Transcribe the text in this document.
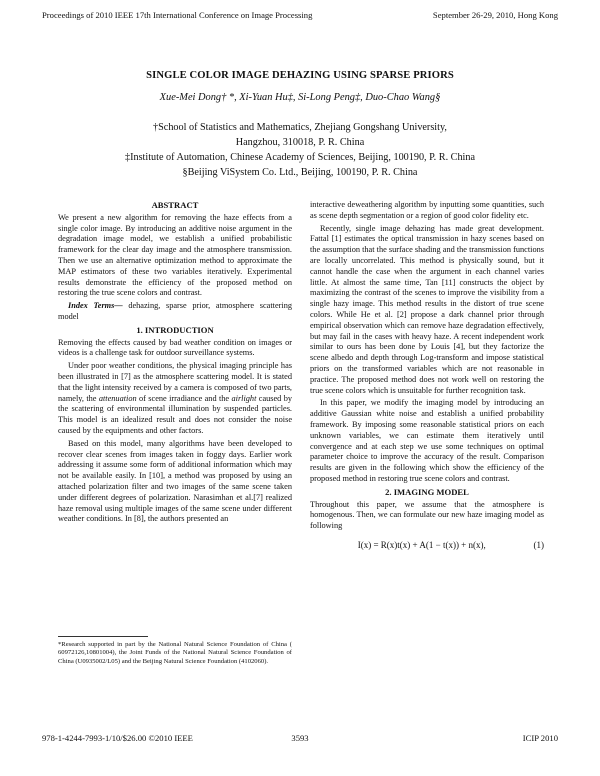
Proceedings of 2010 IEEE 17th International Conference on Image Processing	September 26-29, 2010, Hong Kong
SINGLE COLOR IMAGE DEHAZING USING SPARSE PRIORS
Xue-Mei Dong† *, Xi-Yuan Hu‡, Si-Long Peng‡, Duo-Chao Wang§
†School of Statistics and Mathematics, Zhejiang Gongshang University,
Hangzhou, 310018, P. R. China
‡Institute of Automation, Chinese Academy of Sciences, Beijing, 100190, P. R. China
§Beijing ViSystem Co. Ltd., Beijing, 100190, P. R. China

ABSTRACT

We present a new algorithm for removing the haze effects from a single color image. By introducing an additive noise argument in the degradation image model, we establish a unified probabilistic framework for the clear day image and the atmosphere transmission. Then we use an alternative optimization method to approximate the MAP estimators of these two variables iteratively. Experimental results demonstrate the efficiency of the proposed method on restoring the true scene colors and contrast.

Index Terms— dehazing, sparse prior, atmosphere scattering model

1. INTRODUCTION

Removing the effects caused by bad weather condition on images or videos is a challenge task for outdoor surveillance systems.

Under poor weather conditions, the physical imaging principle has been illustrated in [7] as the atmosphere scattering model. It is stated that the light intensity received by a camera is composed of two parts, namely, the attenuation of scene irradiance and the airlight caused by the scattering of environmental illumination by suspended particles. This model is an idealized result and does not consider the noise caused by the equipments and other factors.

Based on this model, many algorithms have been developed to recover clear scenes from images taken in foggy days. Earlier work addressing it assume some form of additional information which may not be available easily. In [10], a method was proposed by using an attached polarization filter and two images of the same scene taken under different degrees of polarization. Narasimhan et al.[7] realized haze removal using multiple images of the same scene under different weather conditions. In [8], the authors presented an

*Research supported in part by the National Natural Science Foundation of China ( 60972126,10801004), the Joint Funds of the National Natural Science Foundation of China (U0935002/L05) and the Beijing Natural Science Foundation (4102060).

interactive deweathering algorithm by inputting some quantities, such as scene depth segmentation or a region of good color fidelity etc.

Recently, single image dehazing has made great development. Fattal [1] estimates the optical transmission in hazy scenes based on the assumption that the surface shading and the transmission functions are locally uncorrelated. This method is physically sound, but it cannot handle the case when the argument in each channel varies little. At almost the same time, Tan [11] constructs the object by maximizing the contrast of the scenes to improve the visibility from a single hazy image. This method results in the distort of true scene colors. While He et al. [2] propose a dark channel prior through empirical observation which can remove haze degradation effectively, but may fail in the cases with heavy haze. A recent independent work similar to ours has been done by Louis [4], but they factorize the scene albedo and depth through Log-transform and impose statistical priors on the transformed variables which are not reasonable in practice. The proposed method does not work well on restoring the true scene colors which is unsuitable for further recognition task.

In this paper, we modify the imaging model by introducing an additive Gaussian white noise and establish a unified probability framework. By imposing some reasonable statistical priors on each unknown variables, we can estimate them iteratively until convergence and at each step we use some techniques on optimal parameter choice to improve the accuracy of the result. Comparison results are given in the following which show the efficiency of the proposed method in restoring true scene colors and contrast.

2. IMAGING MODEL

Throughout this paper, we assume that the atmosphere is homogenous. Then, we can formulate our new haze imaging model as following

I(x) = R(x)t(x) + A(1 − t(x)) + n(x),	(1)
978-1-4244-7993-1/10/$26.00 ©2010 IEEE	3593	ICIP 2010
